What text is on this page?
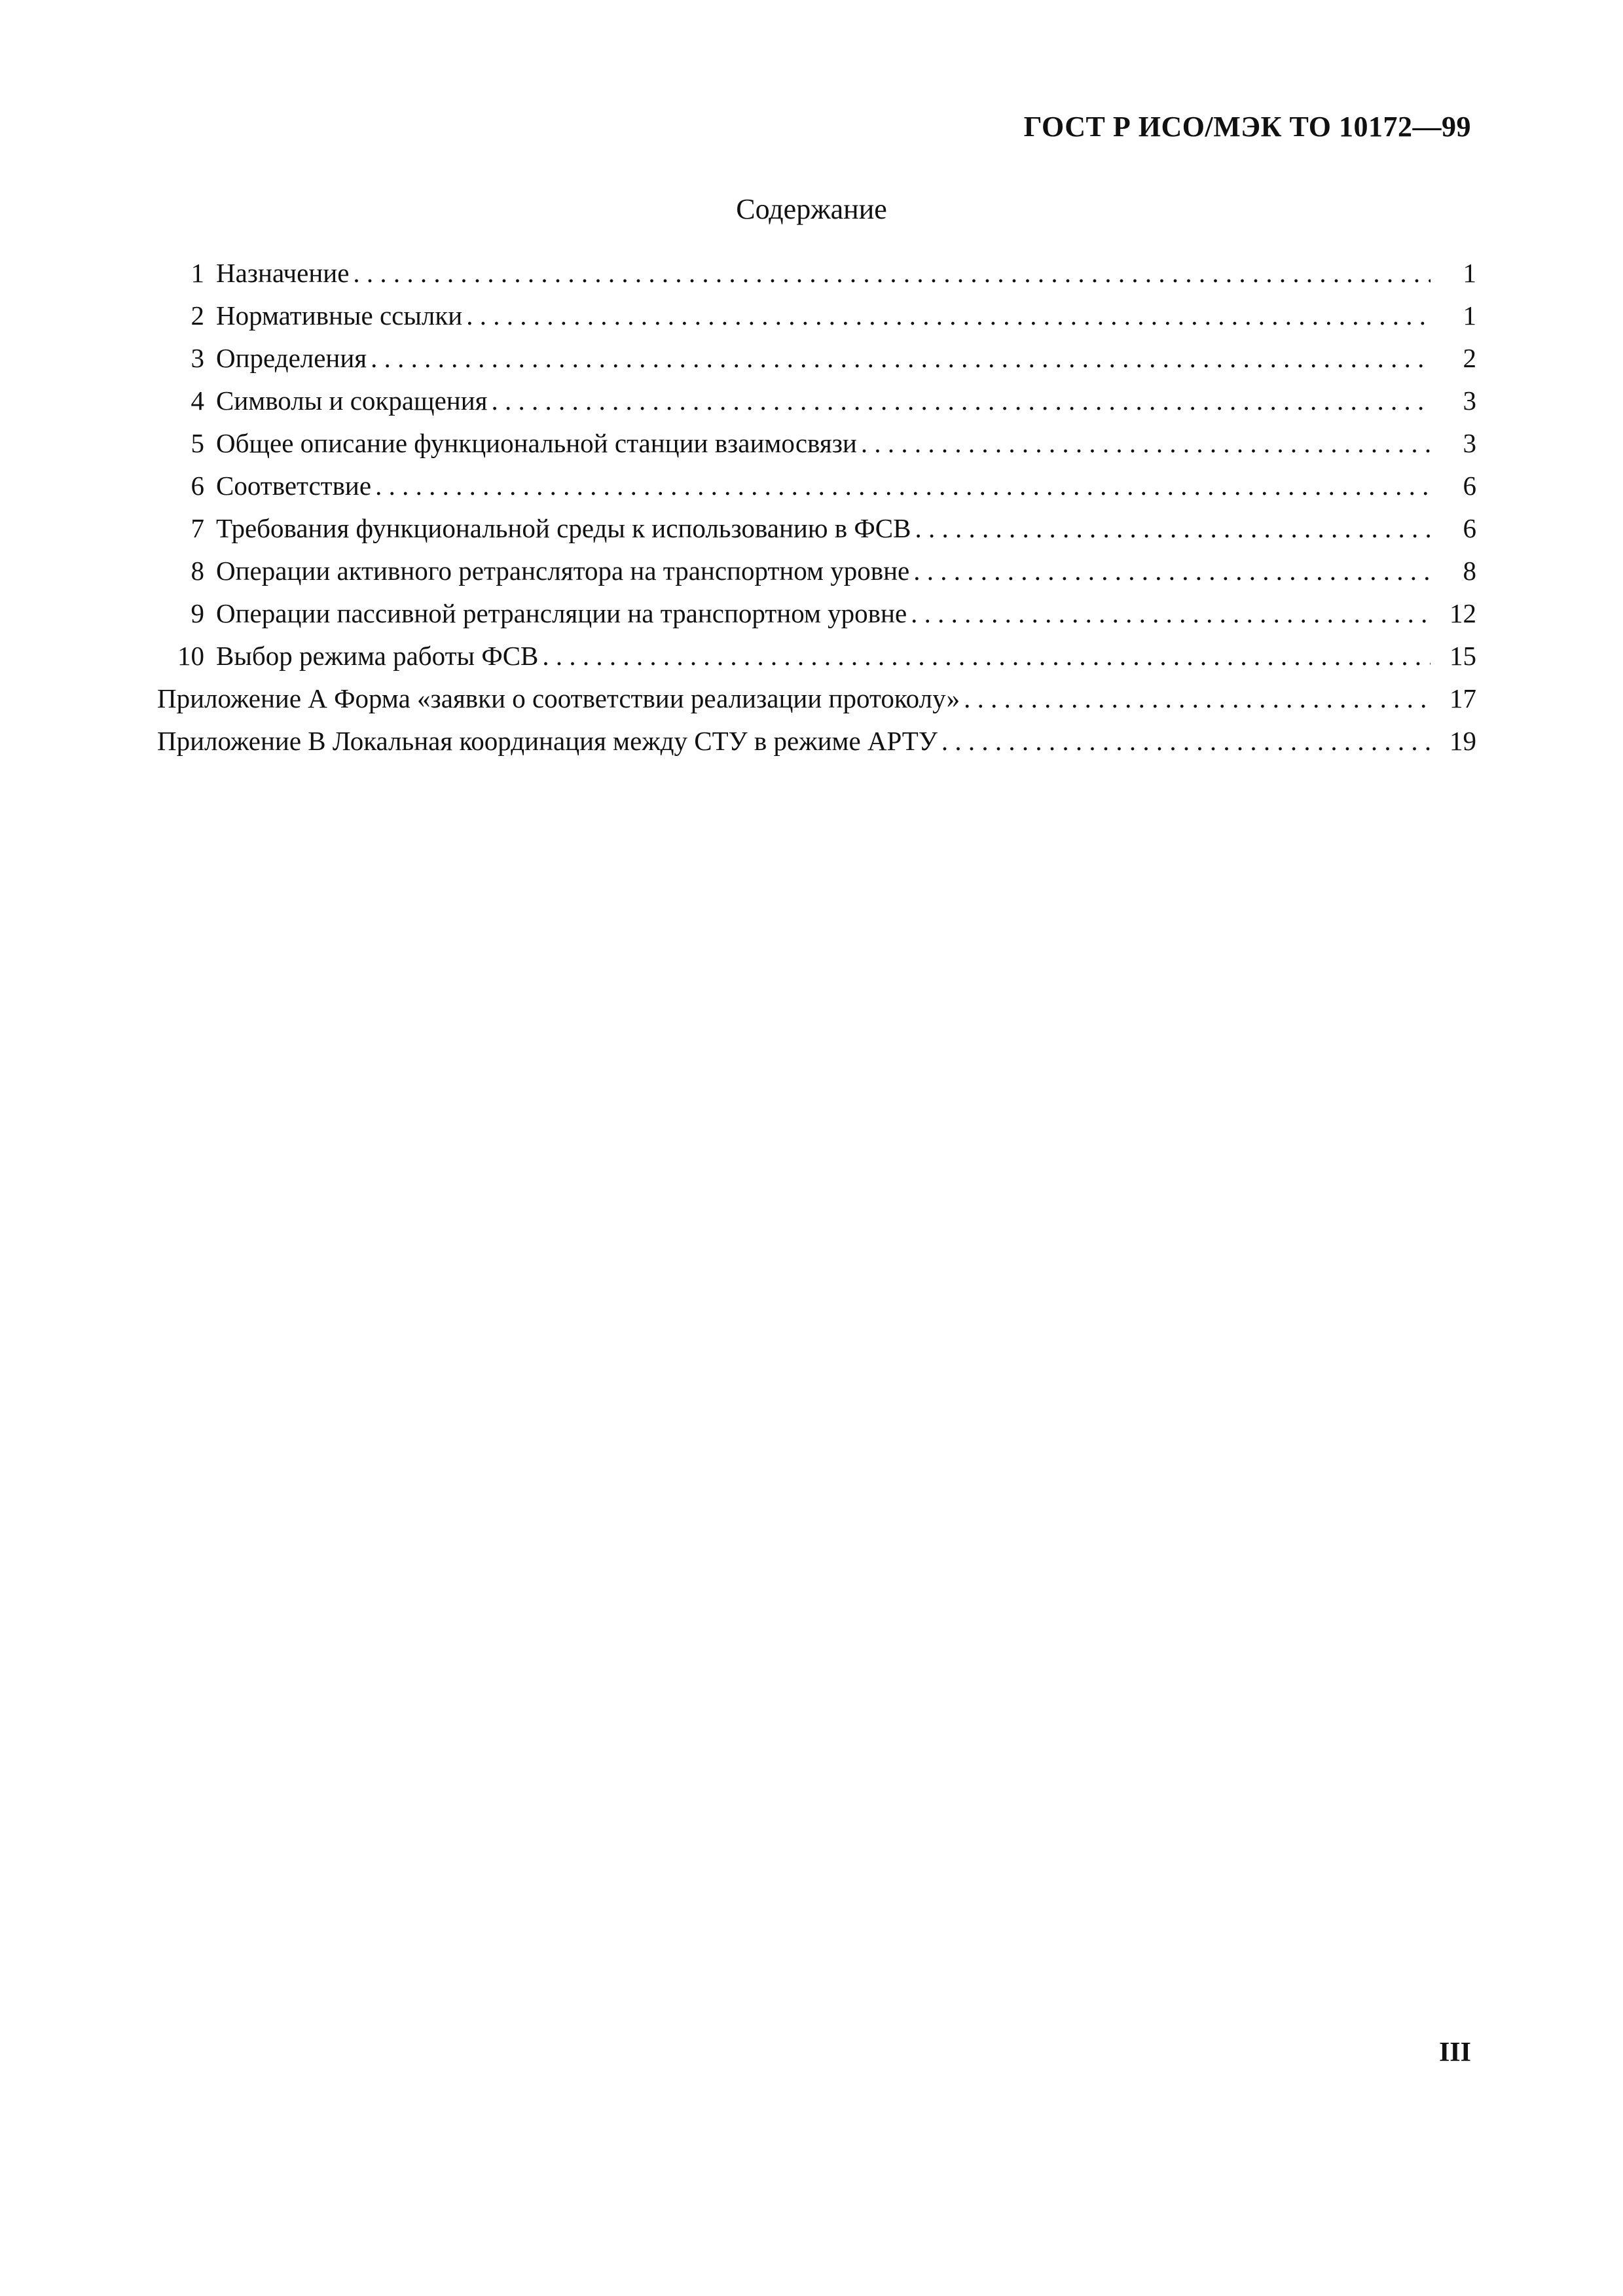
ГОСТ Р ИСО/МЭК ТО 10172—99
Содержание
1 Назначение . . .	1
2 Нормативные ссылки . . .	1
3 Определения . . .	2
4 Символы и сокращения . . .	3
5 Общее описание функциональной станции взаимосвязи . . .	3
6 Соответствие . . .	6
7 Требования функциональной среды к использованию в ФСВ . . .	6
8 Операции активного ретранслятора на транспортном уровне . . .	8
9 Операции пассивной ретрансляции на транспортном уровне . . .	12
10 Выбор режима работы ФСВ . . .	15
Приложение А Форма «заявки о соответствии реализации протоколу» . . .	17
Приложение В Локальная координация между СТУ в режиме АРТУ . . .	19
III
